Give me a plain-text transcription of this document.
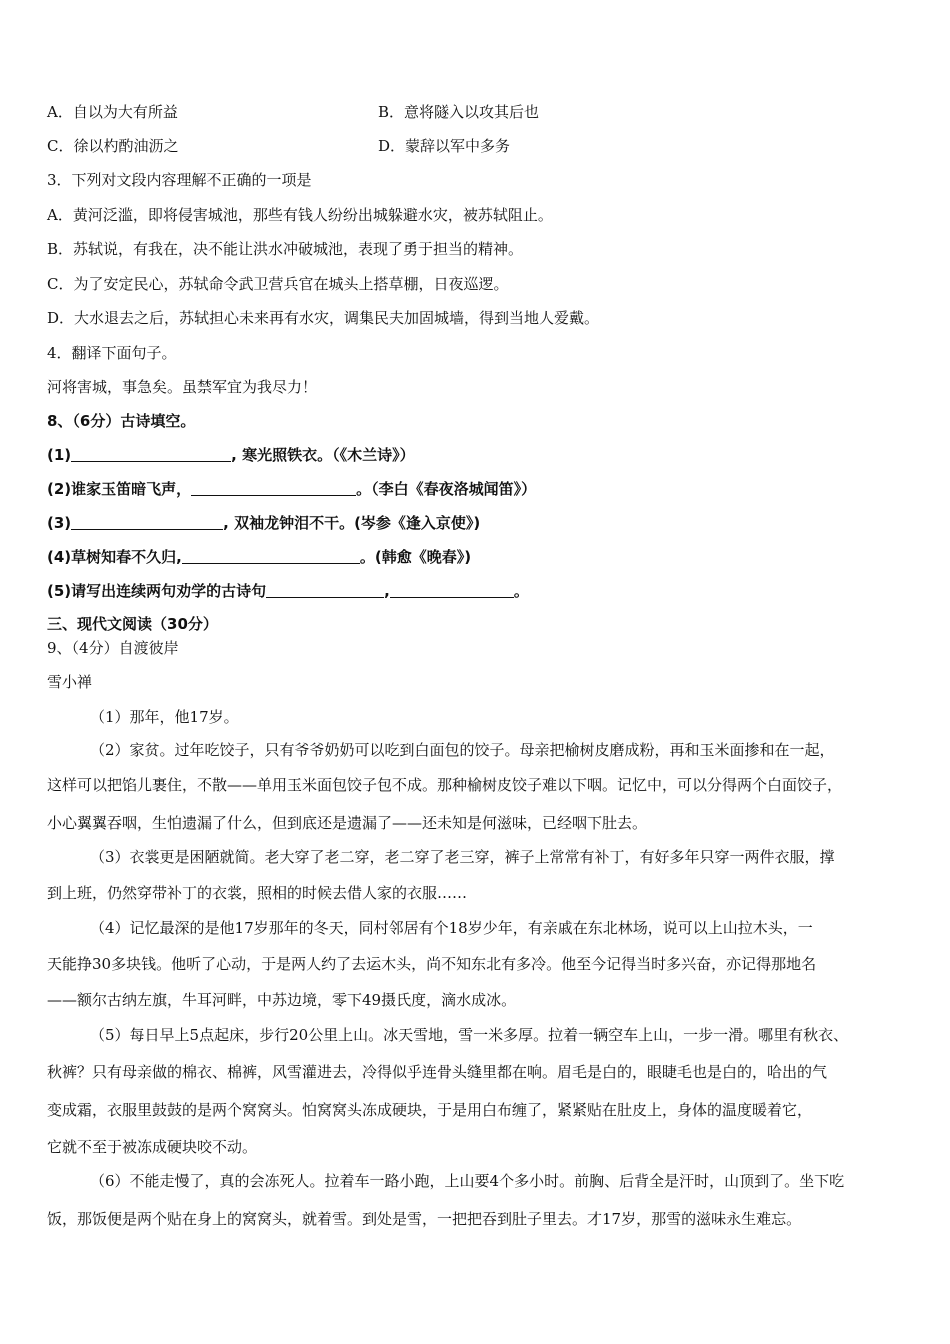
A．自以为大有所益	B．意将隧入以攻其后也
C．徐以杓酌油沥之	D．蒙辞以军中多务
3．下列对文段内容理解不正确的一项是
A．黄河泛滥，即将侵害城池，那些有钱人纷纷出城躲避水灾，被苏轼阻止。
B．苏轼说，有我在，决不能让洪水冲破城池，表现了勇于担当的精神。
C．为了安定民心，苏轼命令武卫营兵官在城头上搭草棚，日夜巡逻。
D．大水退去之后，苏轼担心未来再有水灾，调集民夫加固城墙，得到当地人爱戴。
4．翻译下面句子。
河将害城，事急矣。虽禁军宜为我尽力！
8、（6分）古诗填空。
(1)	, 寒光照铁衣。（《木兰诗》）
(2)谁家玉笛暗飞声，	。（李白《春夜洛城闻笛》）
(3)	, 双袖龙钟泪不干。(岑参《逢入京使》)
(4)草树知春不久归,	。(韩愈《晚春》)
(5)请写出连续两句劝学的古诗句	,	。
三、现代文阅读（30分）
9、（4分）自渡彼岸
雪小禅
（1）那年，他17岁。
（2）家贫。过年吃饺子，只有爷爷奶奶可以吃到白面包的饺子。母亲把榆树皮磨成粉，再和玉米面掺和在一起，
这样可以把馅儿裹住，不散——单用玉米面包饺子包不成。那种榆树皮饺子难以下咽。记忆中，可以分得两个白面饺子，
小心翼翼吞咽，生怕遗漏了什么，但到底还是遗漏了——还未知是何滋味，已经咽下肚去。
（3）衣裳更是困陋就简。老大穿了老二穿，老二穿了老三穿，裤子上常常有补丁，有好多年只穿一两件衣服，撑
到上班，仍然穿带补丁的衣裳，照相的时候去借人家的衣服……
（4）记忆最深的是他17岁那年的冬天，同村邻居有个18岁少年，有亲戚在东北林场，说可以上山拉木头，一
天能挣30多块钱。他听了心动，于是两人约了去运木头，尚不知东北有多冷。他至今记得当时多兴奋，亦记得那地名
——额尔古纳左旗，牛耳河畔，中苏边境，零下49摄氏度，滴水成冰。
（5）每日早上5点起床，步行20公里上山。冰天雪地，雪一米多厚。拉着一辆空车上山，一步一滑。哪里有秋衣、
秋裤？只有母亲做的棉衣、棉裤，风雪灌进去，冷得似乎连骨头缝里都在响。眉毛是白的，眼睫毛也是白的，哈出的气
变成霜，衣服里鼓鼓的是两个窝窝头。怕窝窝头冻成硬块，于是用白布缠了，紧紧贴在肚皮上，身体的温度暖着它，
它就不至于被冻成硬块咬不动。
（6）不能走慢了，真的会冻死人。拉着车一路小跑，上山要4个多小时。前胸、后背全是汗时，山顶到了。坐下吃
饭，那饭便是两个贴在身上的窝窝头，就着雪。到处是雪，一把把吞到肚子里去。才17岁，那雪的滋味永生难忘。
